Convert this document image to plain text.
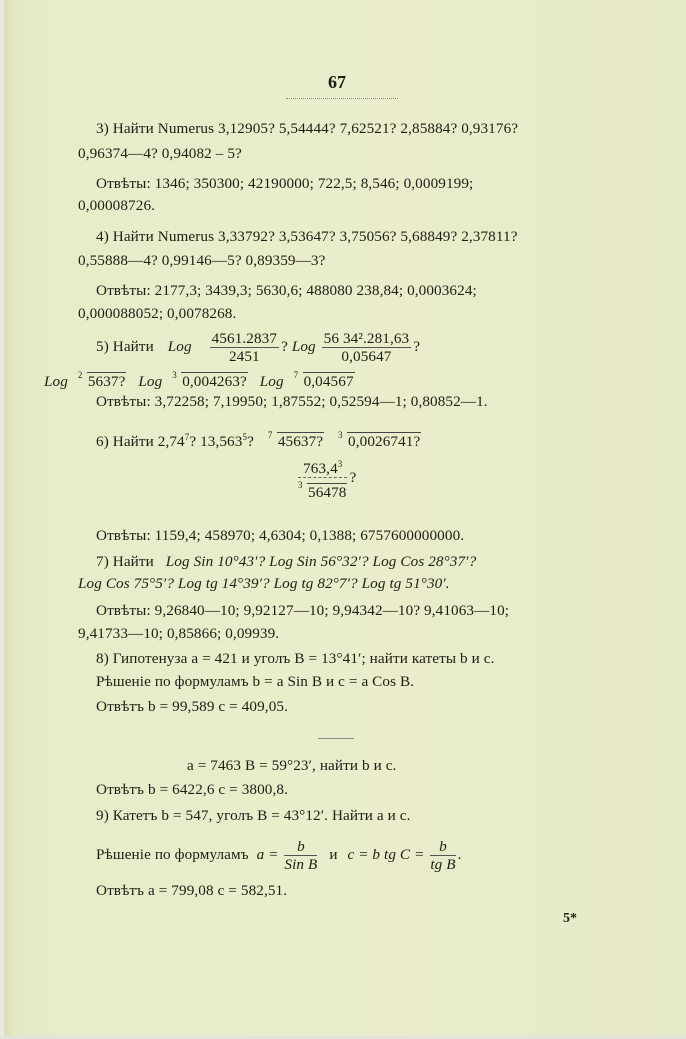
67
3) Найти Numerus 3,12905? 5,54444? 7,62521? 2,85884? 0,93176?
0,96374—4? 0,94082 – 5?
Отвѣты: 1346; 350300; 42190000; 722,5; 8,546; 0,0009199;
0,00008726.
4) Найти Numerus 3,33792? 3,53647? 3,75056? 5,68849? 2,37811?
0,55888—4? 0,99146—5? 0,89359—3?
Отвѣты: 2177,3; 3439,3; 5630,6; 488080 238,84; 0,0003624;
0,000088052; 0,0078268.
5) Найти Log $\frac{4561.2837}{2451}$ ? Log $\frac{\text{56 34².281,63}}{0,05647}$ ?
Log 2 5637? Log 3 0,004263? Log 7 0,04567
Отвѣты: 3,72258; 7,19950; 1,87552; 0,52594—1; 0,80852—1.
6) Найти 2,74$^7$? 13,563$^5$? 7 45637? 3 0,0026741?
$\frac{763,4^3}{3 56478}$ ?
Отвѣты: 1159,4; 458970; 4,6304; 0,1388; 6757600000000.
7) Найти Log Sin 10°43′? Log Sin 56°32′? Log Cos 28°37′?
Log Cos 75°5′? Log tg 14°39′? Log tg 82°7′? Log tg 51°30′.
Отвѣты: 9,26840—10; 9,92127—10; 9,94342—10? 9,41063—10;
9,41733—10; 0,85866; 0,09939.
8) Гипотенуза a = 421 и уголъ B = 13°41′; найти катеты b и c.
Рѣшеніе по формуламъ b = a Sin B и c = a Cos B.
Отвѣтъ b = 99,589 c = 409,05.
a = 7463 B = 59°23′, найти b и c.
Отвѣтъ b = 6422,6 c = 3800,8.
9) Катетъ b = 547, уголъ B = 43°12′. Найти a и c.
Рѣшеніе по формуламъ $a = \frac{b}{\text{Sin B}}$ и c = b tg $C = \frac{b}{\text{tg B}}$ .
Отвѣтъ a = 799,08 c = 582,51.
5*
